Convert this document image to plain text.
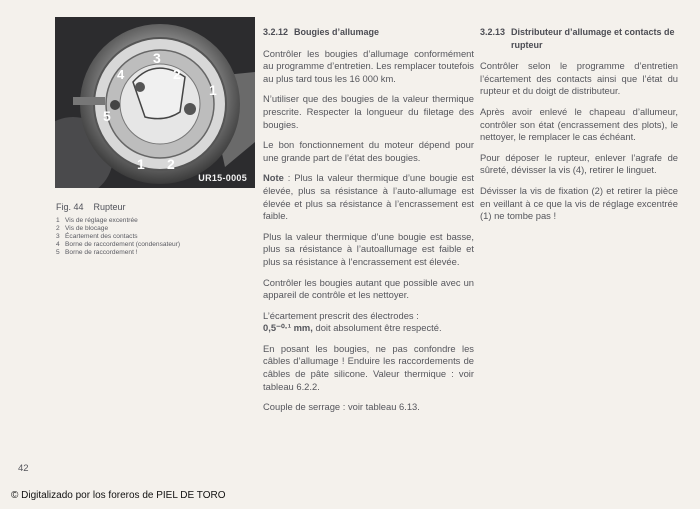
3
2
4
5
1 2
1
UR15-0005
Fig. 44 Rupteur
1 Vis de réglage excentrée
2 Vis de blocage
3 Écartement des contacts
4 Borne de raccordement (condensateur)
5 Borne de raccordement !
3.2.12 Bougies d’allumage

Contrôler les bougies d’allumage conformément au programme d’entretien. Les remplacer toutefois au plus tard tous les 16 000 km.

N’utiliser que des bougies de la valeur thermique prescrite. Respecter la longueur du filetage des bougies.

Le bon fonctionnement du moteur dépend pour une grande part de l’état des bougies.

Note : Plus la valeur thermique d’une bougie est élevée, plus sa résistance à l’auto-allumage est élevée et plus sa résistance à l’encrassement est faible.

Plus la valeur thermique d’une bougie est basse, plus sa résistance à l’autoallumage est faible et plus sa résistance à l’encrassement est élevée.

Contrôler les bougies autant que possible avec un appareil de contrôle et les nettoyer.

L’écartement prescrit des électrodes :
0,5⁻⁰·¹ mm, doit absolument être respecté.

En posant les bougies, ne pas confondre les câbles d’allumage ! Enduire les raccordements de câbles de pâte silicone. Valeur thermique : voir tableau 6.2.2.

Couple de serrage : voir tableau 6.13.

3.2.13 Distributeur d’allumage et contacts de rupteur

Contrôler selon le programme d’entretien l’écartement des contacts ainsi que l’état du rupteur et du doigt de distributeur.

Après avoir enlevé le chapeau d’allumeur, contrôler son état (encrassement des plots), le nettoyer, le remplacer le cas échéant.

Pour déposer le rupteur, enlever l’agrafe de sûreté, dévisser la vis (4), retirer le linguet.

Dévisser la vis de fixation (2) et retirer la pièce en veillant à ce que la vis de réglage excentrée (1) ne tombe pas !

42
© Digitalizado por los foreros de PIEL DE TORO
